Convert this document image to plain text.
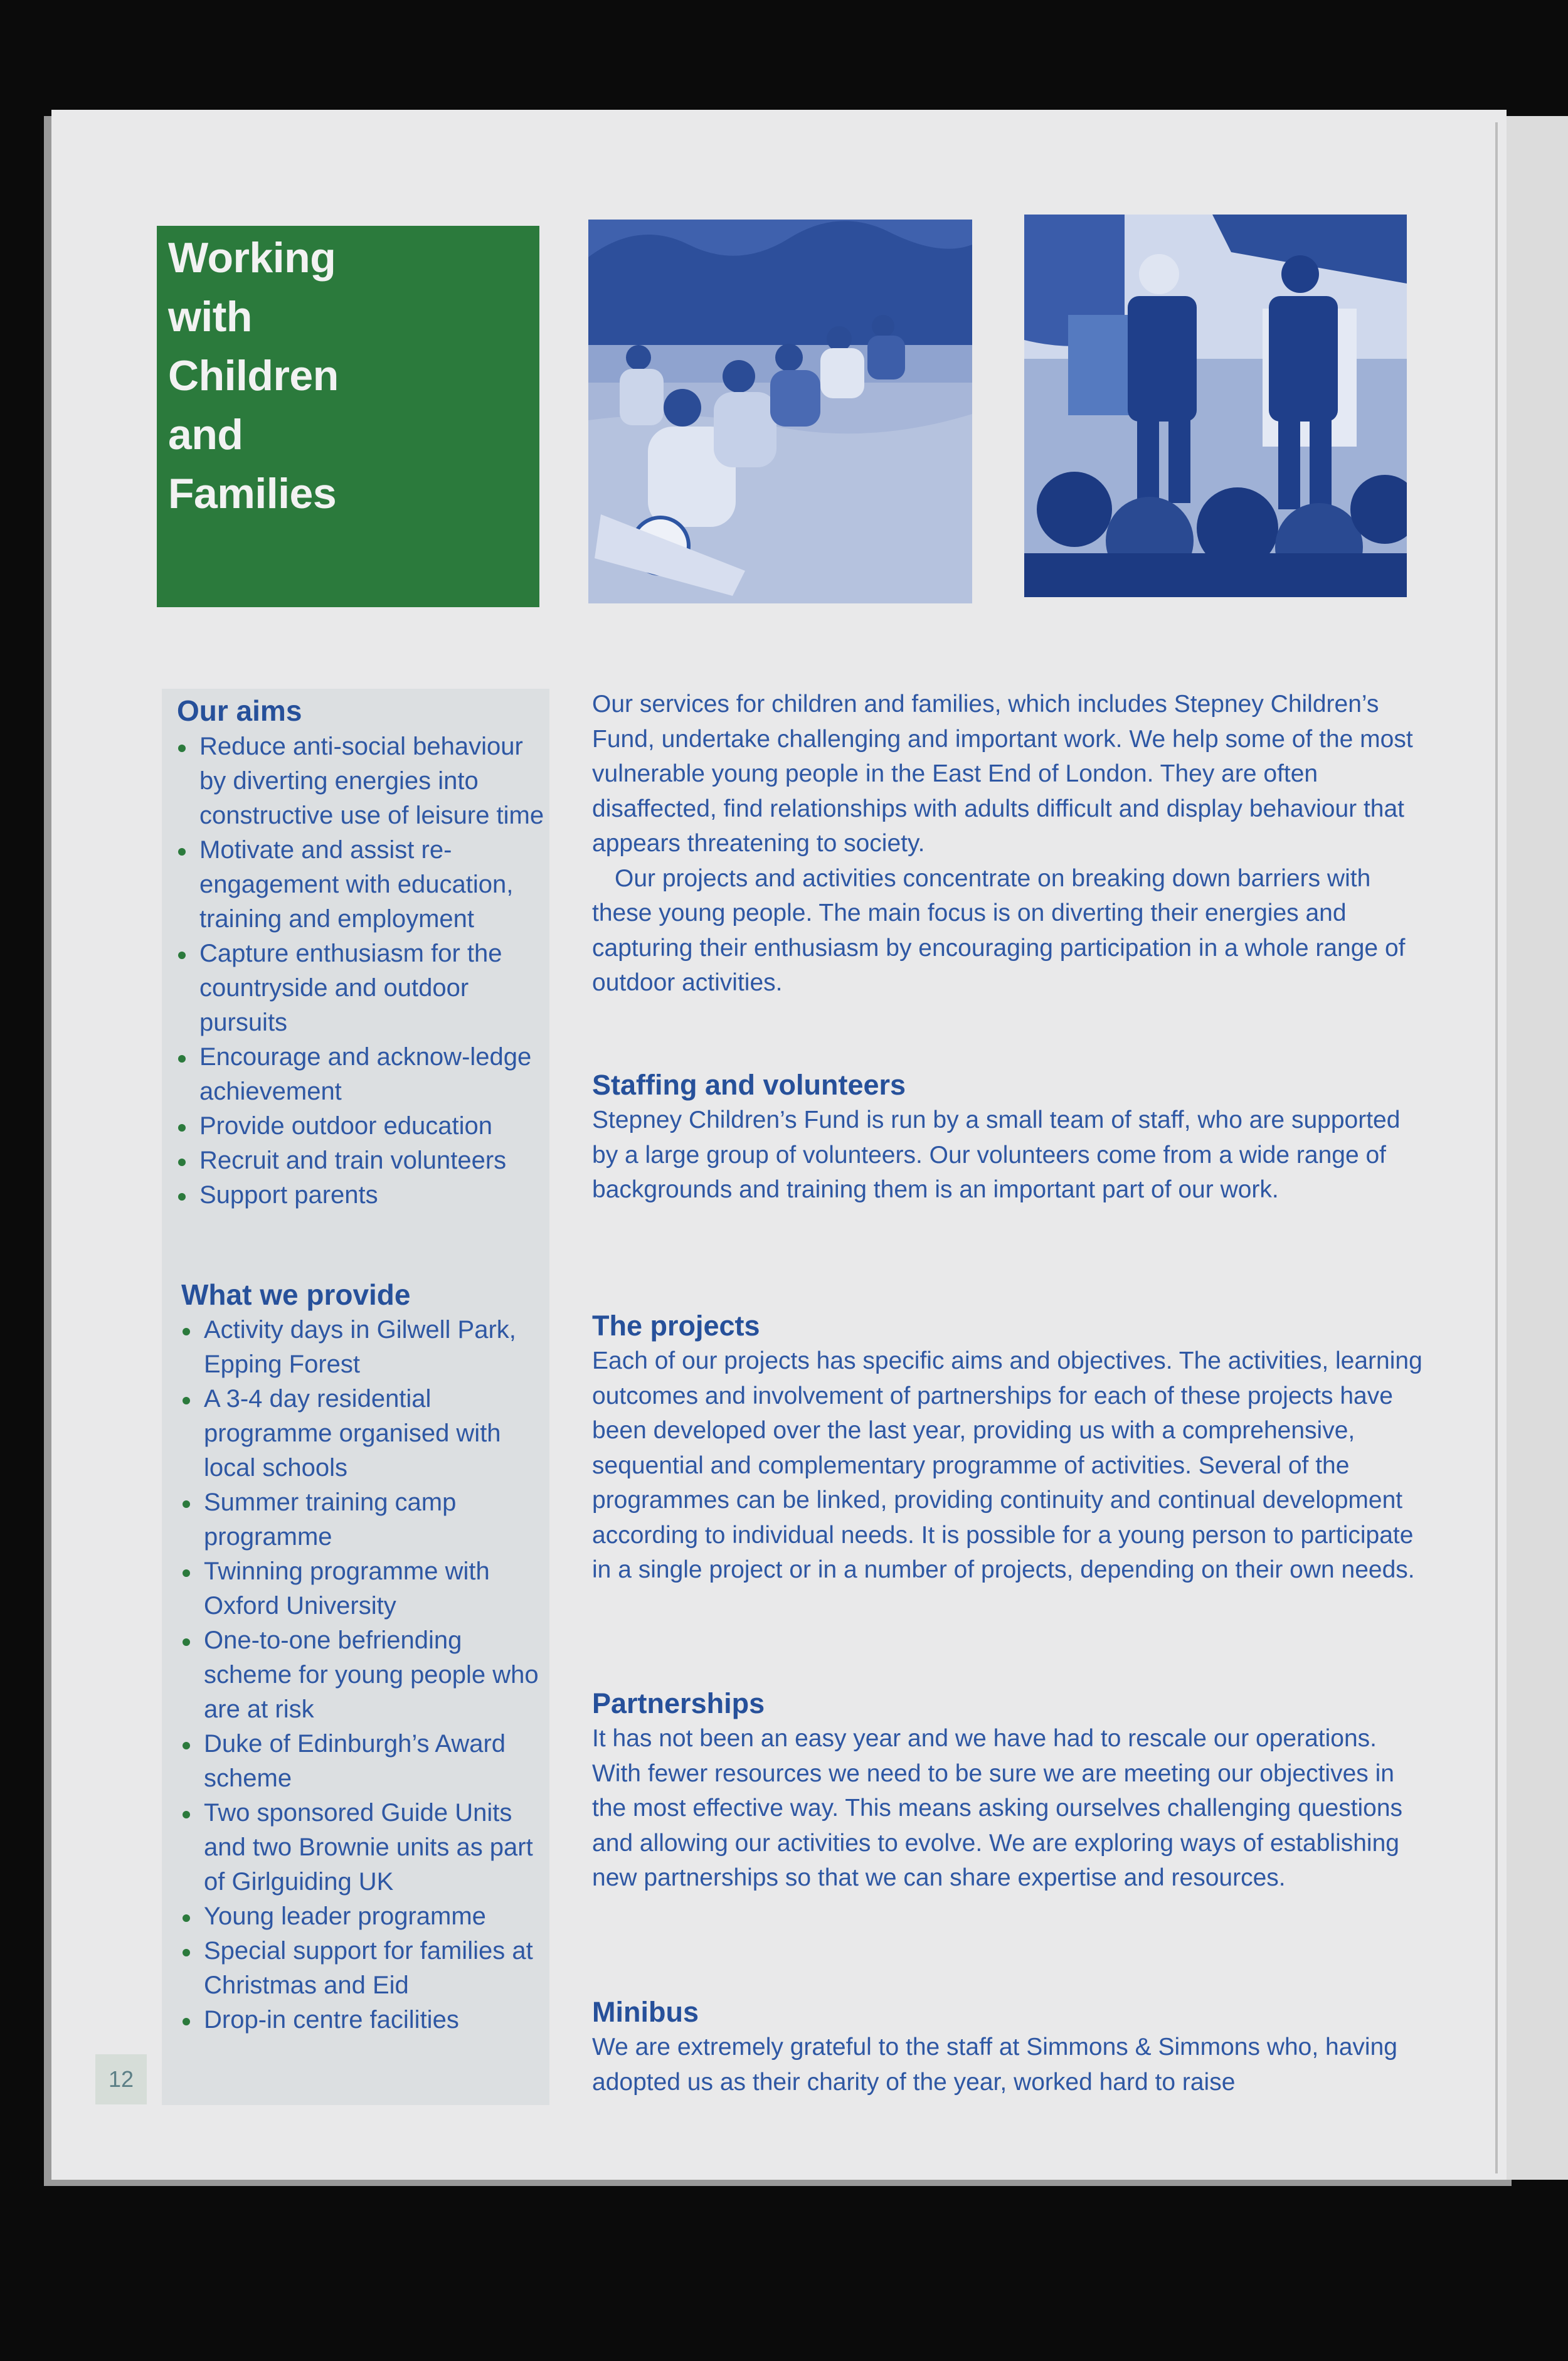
Working
with
Children
and
Families
Our aims
Reduce anti-social behaviour by diverting energies into constructive use of leisure time
Motivate and assist re-engagement with education, training and employment
Capture enthusiasm for the countryside and outdoor pursuits
Encourage and acknow-ledge achievement
Provide outdoor education
Recruit and train volunteers
Support parents
What we provide
Activity days in Gilwell Park, Epping Forest
A 3-4 day residential programme organised with local schools
Summer training camp programme
Twinning programme with Oxford University
One-to-one befriending scheme for young people who are at risk
Duke of Edinburgh’s Award scheme
Two sponsored Guide Units and two Brownie units as part of Girlguiding UK
Young leader programme
Special support for families at Christmas and Eid
Drop-in centre facilities
12

Our services for children and families, which includes Stepney Children’s Fund, undertake challenging and important work. We help some of the most vulnerable young people in the East End of London. They are often disaffected, find relationships with adults difficult and display behaviour that appears threatening to society.

Our projects and activities concentrate on breaking down barriers with these young people. The main focus is on diverting their energies and capturing their enthusiasm by encouraging participation in a whole range of outdoor activities.

Staffing and volunteers

Stepney Children’s Fund is run by a small team of staff, who are supported by a large group of volunteers. Our volunteers come from a wide range of backgrounds and training them is an important part of our work.

The projects

Each of our projects has specific aims and objectives. The activities, learning outcomes and involvement of partnerships for each of these projects have been developed over the last year, providing us with a comprehensive, sequential and complementary programme of activities. Several of the programmes can be linked, providing continuity and continual development according to individual needs. It is possible for a young person to participate in a single project or in a number of projects, depending on their own needs.

Partnerships

It has not been an easy year and we have had to rescale our operations. With fewer resources we need to be sure we are meeting our objectives in the most effective way. This means asking ourselves challenging questions and allowing our activities to evolve. We are exploring ways of establishing new partnerships so that we can share expertise and resources.

Minibus

We are extremely grateful to the staff at Simmons & Simmons who, having adopted us as their charity of the year, worked hard to raise
